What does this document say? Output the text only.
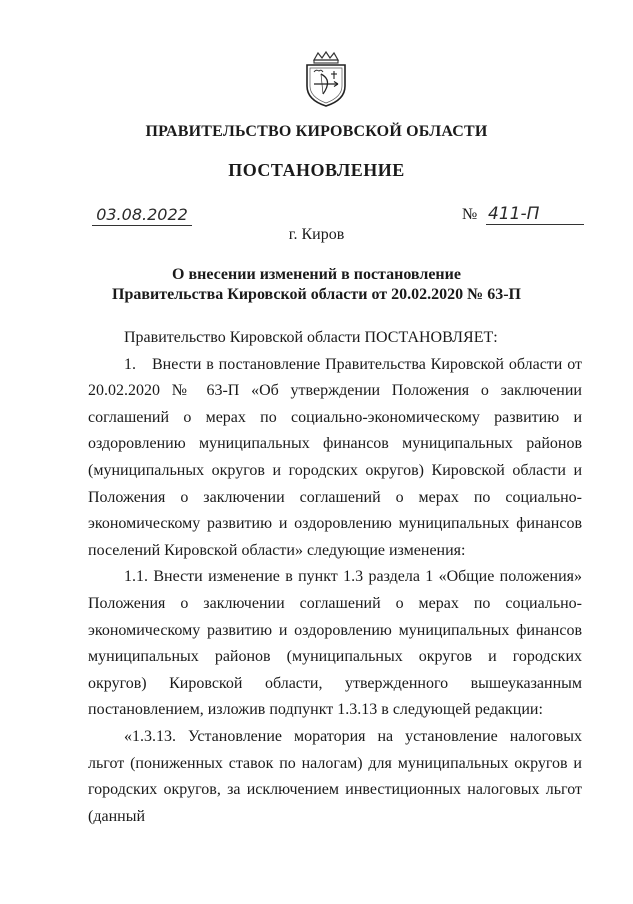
ПРАВИТЕЛЬСТВО КИРОВСКОЙ ОБЛАСТИ
ПОСТАНОВЛЕНИЕ
03.08.2022	№ 411-П
г. Киров
О внесении изменений в постановление
Правительства Кировской области от 20.02.2020 № 63-П

Правительство Кировской области ПОСТАНОВЛЯЕТ:

1. Внести в постановление Правительства Кировской области от 20.02.2020 № 63-П «Об утверждении Положения о заключении соглашений о мерах по социально-экономическому развитию и оздоровлению муниципальных финансов муниципальных районов (муниципальных округов и городских округов) Кировской области и Положения о заключении соглашений о мерах по социально-экономическому развитию и оздоровлению муниципальных финансов поселений Кировской области» следующие изменения:

1.1. Внести изменение в пункт 1.3 раздела 1 «Общие положения» Положения о заключении соглашений о мерах по социально-экономическому развитию и оздоровлению муниципальных финансов муниципальных районов (муниципальных округов и городских округов) Кировской области, утвержденного вышеуказанным постановлением, изложив подпункт 1.3.13 в следующей редакции:

«1.3.13. Установление моратория на установление налоговых льгот (пониженных ставок по налогам) для муниципальных округов и городских округов, за исключением инвестиционных налоговых льгот (данный
